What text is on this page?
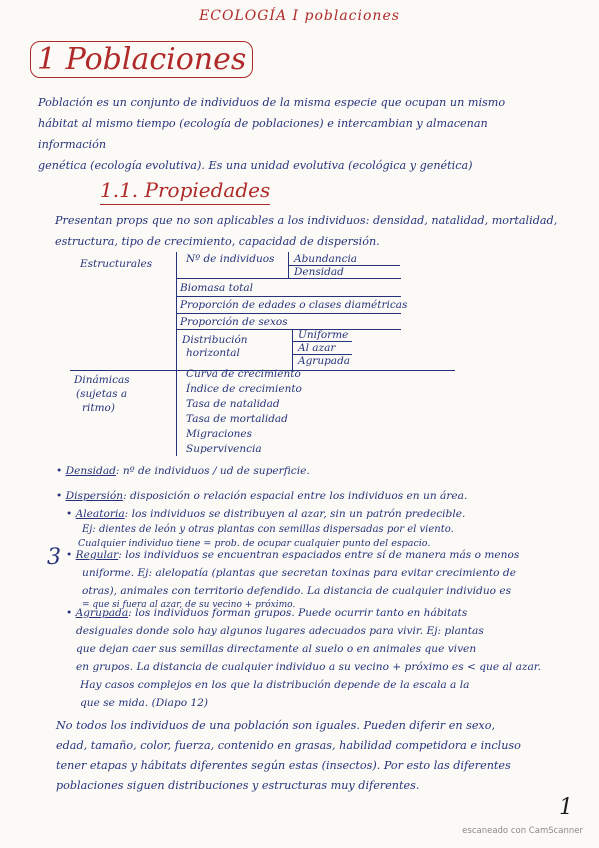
ECOLOGÍA I poblaciones
1 Poblaciones
Población es un conjunto de individuos de la misma especie que ocupan un mismo
hábitat al mismo tiempo (ecología de poblaciones) e intercambian y almacenan información
genética (ecología evolutiva). Es una unidad evolutiva (ecológica y genética)
1.1. Propiedades
Presentan props que no son aplicables a los individuos: densidad, natalidad, mortalidad,
estructura, tipo de crecimiento, capacidad de dispersión.
Estructurales	Nº de individuos Abundancia
Densidad
Biomasa total
Proporción de edades o clases diamétricas
Proporción de sexos
Distribución
horizontal
Uniforme
Al azar
Agrupada
Dinámicas
(sujetas a
ritmo)
Curva de crecimiento
Índice de crecimiento
Tasa de natalidad
Tasa de mortalidad
Migraciones
Supervivencia
• Densidad: nº de individuos / ud de superficie.
• Dispersión: disposición o relación espacial entre los individuos en un área.
• Aleatoria: los individuos se distribuyen al azar, sin un patrón predecible.
Ej: dientes de león y otras plantas con semillas dispersadas por el viento.
Cualquier individuo tiene = prob. de ocupar cualquier punto del espacio.
3 • Regular: los individuos se encuentran espaciados entre sí de manera más o menos
uniforme. Ej: alelopatía (plantas que secretan toxinas para evitar crecimiento de
otras), animales con territorio defendido. La distancia de cualquier individuo es
= que si fuera al azar, de su vecino + próximo.
• Agrupada: los individuos forman grupos. Puede ocurrir tanto en hábitats
desiguales donde solo hay algunos lugares adecuados para vivir. Ej: plantas
que dejan caer sus semillas directamente al suelo o en animales que viven
en grupos. La distancia de cualquier individuo a su vecino + próximo es < que al azar.
Hay casos complejos en los que la distribución depende de la escala a la
que se mida. (Diapo 12)
No todos los individuos de una población son iguales. Pueden diferir en sexo,
edad, tamaño, color, fuerza, contenido en grasas, habilidad competidora e incluso
tener etapas y hábitats diferentes según estas (insectos). Por esto las diferentes
poblaciones siguen distribuciones y estructuras muy diferentes.
1
escaneado con CamScanner
